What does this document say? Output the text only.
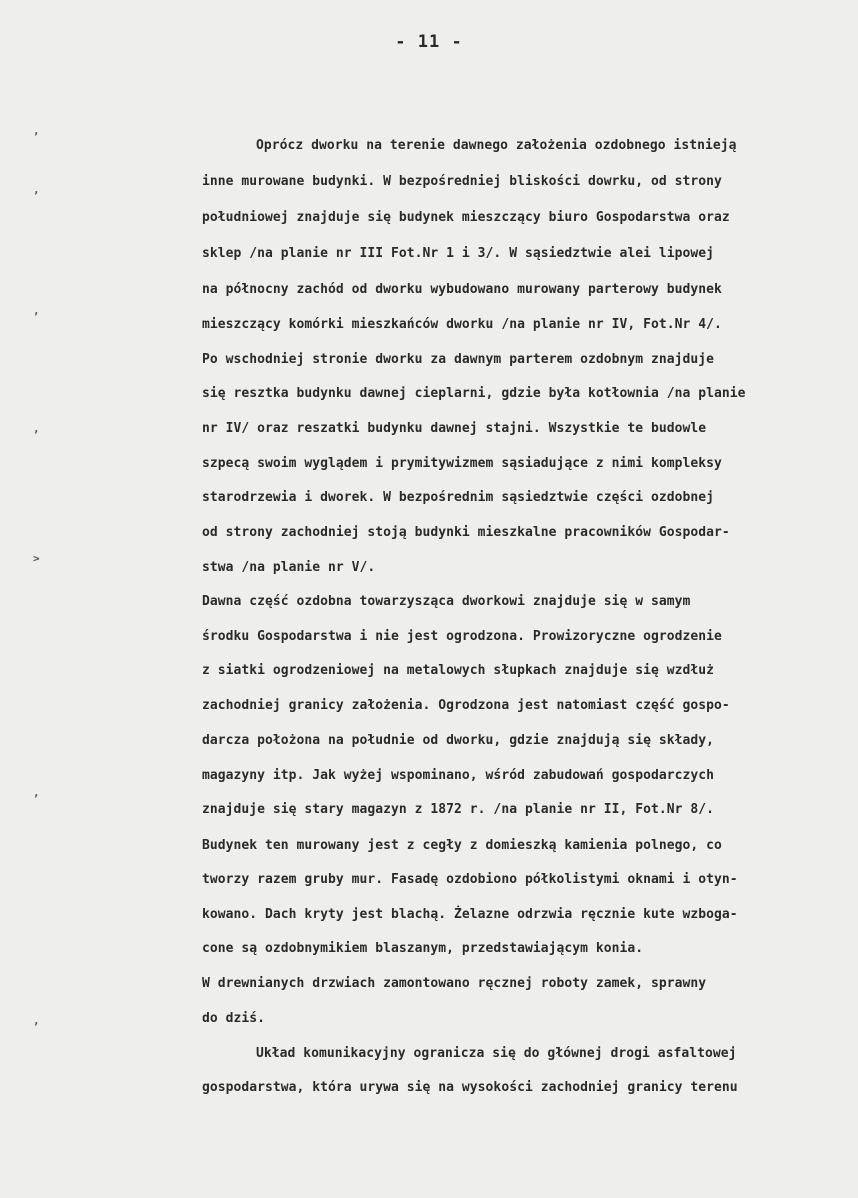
- 11 -
,
,
,
,
>
,
,
Oprócz dworku na terenie dawnego założenia ozdobnego istnieją
inne murowane budynki. W bezpośredniej bliskości dowrku, od strony
południowej znajduje się budynek mieszczący biuro Gospodarstwa oraz
sklep /na planie nr III Fot.Nr 1 i 3/. W sąsiedztwie alei lipowej
na północny zachód od dworku wybudowano murowany parterowy budynek
mieszczący komórki mieszkańców dworku /na planie nr IV, Fot.Nr 4/.
Po wschodniej stronie dworku za dawnym parterem ozdobnym znajduje
się resztka budynku dawnej cieplarni, gdzie była kotłownia /na planie
nr IV/ oraz reszatki budynku dawnej stajni. Wszystkie te budowle
szpecą swoim wyglądem i prymitywizmem sąsiadujące z nimi kompleksy
starodrzewia i dworek. W bezpośrednim sąsiedztwie części ozdobnej
od strony zachodniej stoją budynki mieszkalne pracowników Gospodar-
stwa /na planie nr V/.
Dawna część ozdobna towarzysząca dworkowi znajduje się w samym
środku Gospodarstwa i nie jest ogrodzona. Prowizoryczne ogrodzenie
z siatki ogrodzeniowej na metalowych słupkach znajduje się wzdłuż
zachodniej granicy założenia. Ogrodzona jest natomiast część gospo-
darcza położona na południe od dworku, gdzie znajdują się składy,
magazyny itp. Jak wyżej wspominano, wśród zabudowań gospodarczych
znajduje się stary magazyn z 1872 r. /na planie nr II, Fot.Nr 8/.
Budynek ten murowany jest z cegły z domieszką kamienia polnego, co
tworzy razem gruby mur. Fasadę ozdobiono półkolistymi oknami i otyn-
kowano. Dach kryty jest blachą. Żelazne odrzwia ręcznie kute wzboga-
cone są ozdobnymikiem blaszanym, przedstawiającym konia.
W drewnianych drzwiach zamontowano ręcznej roboty zamek, sprawny
do dziś.
Układ komunikacyjny ogranicza się do głównej drogi asfaltowej
gospodarstwa, która urywa się na wysokości zachodniej granicy terenu
